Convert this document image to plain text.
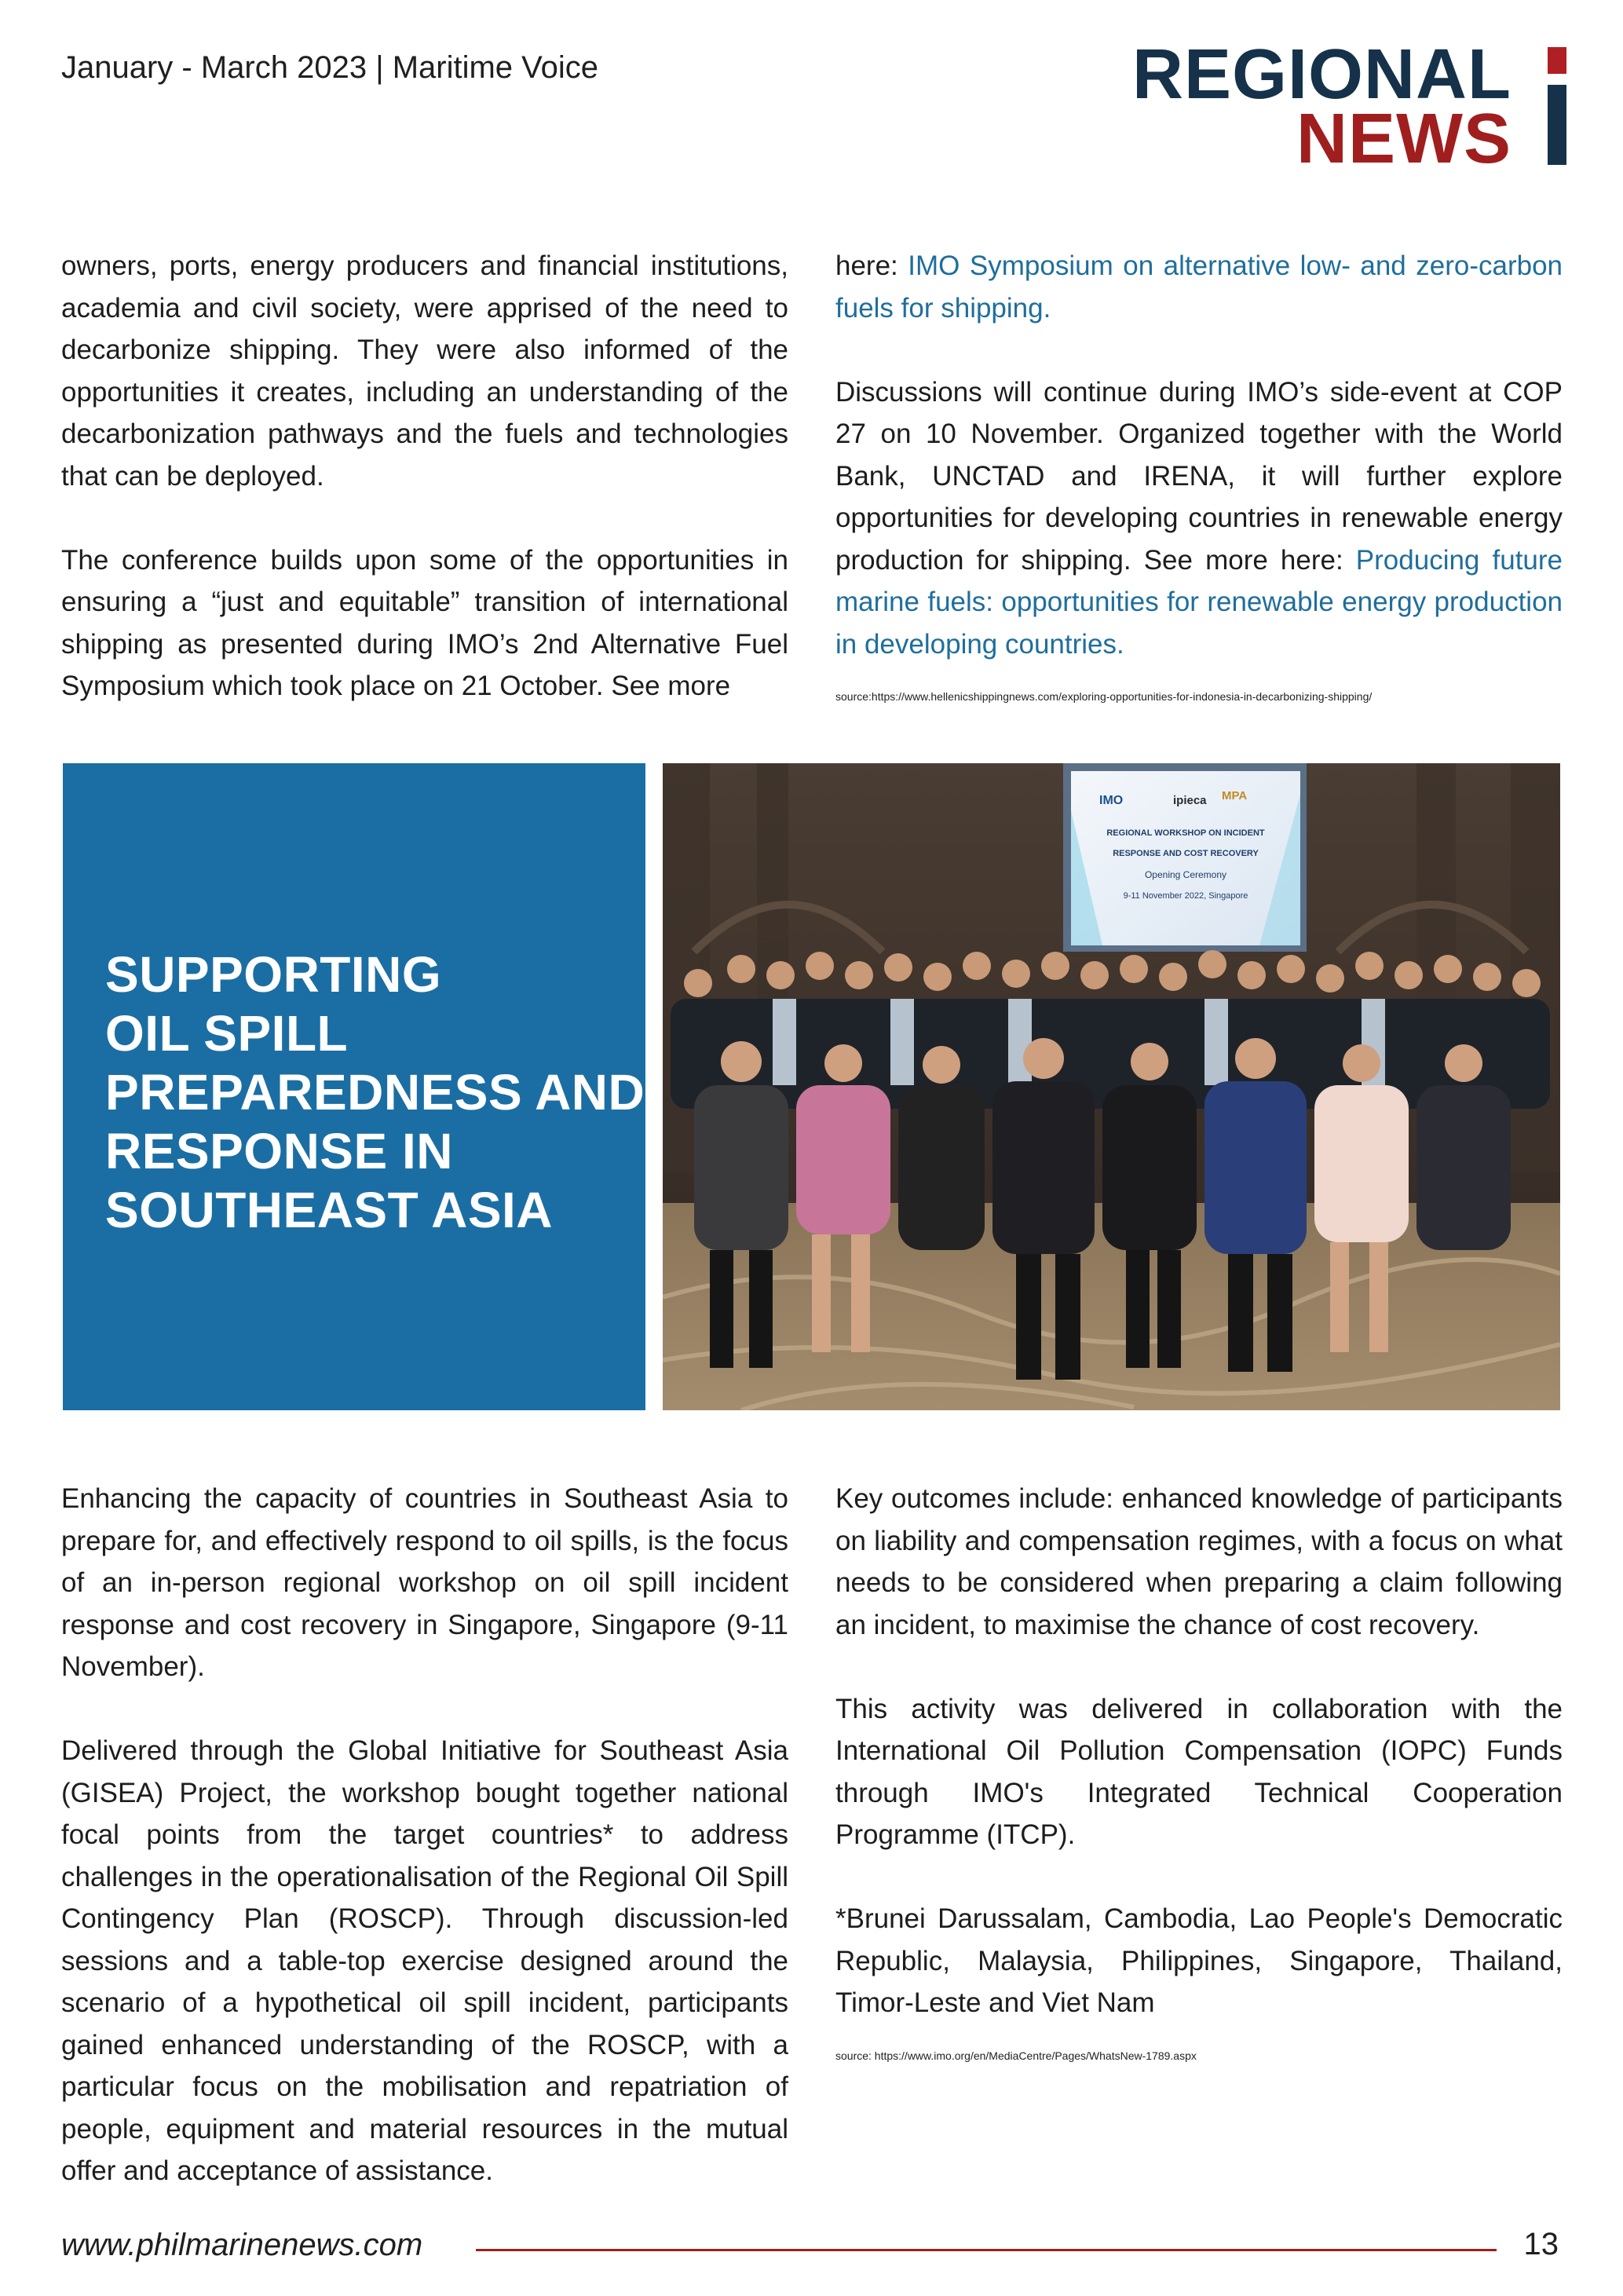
January - March 2023 | Maritime Voice	REGIONAL
NEWS

owners, ports, energy producers and financial institutions, academia and civil society, were apprised of the need to decarbonize shipping. They were also informed of the opportunities it creates, including an understanding of the decarbonization pathways and the fuels and technologies that can be deployed.

The conference builds upon some of the opportunities in ensuring a “just and equitable” transition of international shipping as presented during IMO’s 2nd Alternative Fuel Symposium which took place on 21 October. See more

here: IMO Symposium on alternative low- and zero-carbon fuels for shipping.

Discussions will continue during IMO’s side-event at COP 27 on 10 November. Organized together with the World Bank, UNCTAD and IRENA, it will further explore opportunities for developing countries in renewable energy production for shipping. See more here: Producing future marine fuels: opportunities for renewable energy production in developing countries.

source:https://www.hellenicshippingnews.com/exploring-opportunities-for-indonesia-in-decarbonizing-shipping/
SUPPORTING
OIL SPILL
PREPAREDNESS AND
RESPONSE IN
SOUTHEAST ASIA
IMO	ipieca MPA
REGIONAL WORKSHOP ON INCIDENT
RESPONSE AND COST RECOVERY
Opening Ceremony
9-11 November 2022, Singapore

Enhancing the capacity of countries in Southeast Asia to prepare for, and effectively respond to oil spills, is the focus of an in-person regional workshop on oil spill incident response and cost recovery in Singapore, Singapore (9-11 November).

Delivered through the Global Initiative for Southeast Asia (GISEA) Project, the workshop bought together national focal points from the target countries* to address challenges in the operationalisation of the Regional Oil Spill Contingency Plan (ROSCP). Through discussion-led sessions and a table-top exercise designed around the scenario of a hypothetical oil spill incident, participants gained enhanced understanding of the ROSCP, with a particular focus on the mobilisation and repatriation of people, equipment and material resources in the mutual offer and acceptance of assistance.

Key outcomes include: enhanced knowledge of participants on liability and compensation regimes, with a focus on what needs to be considered when preparing a claim following an incident, to maximise the chance of cost recovery.

This activity was delivered in collaboration with the International Oil Pollution Compensation (IOPC) Funds through IMO's Integrated Technical Cooperation Programme (ITCP).

*Brunei Darussalam, Cambodia, Lao People's Democratic Republic, Malaysia, Philippines, Singapore, Thailand, Timor-Leste and Viet Nam

source: https://www.imo.org/en/MediaCentre/Pages/WhatsNew-1789.aspx
www.philmarinenews.com	13
